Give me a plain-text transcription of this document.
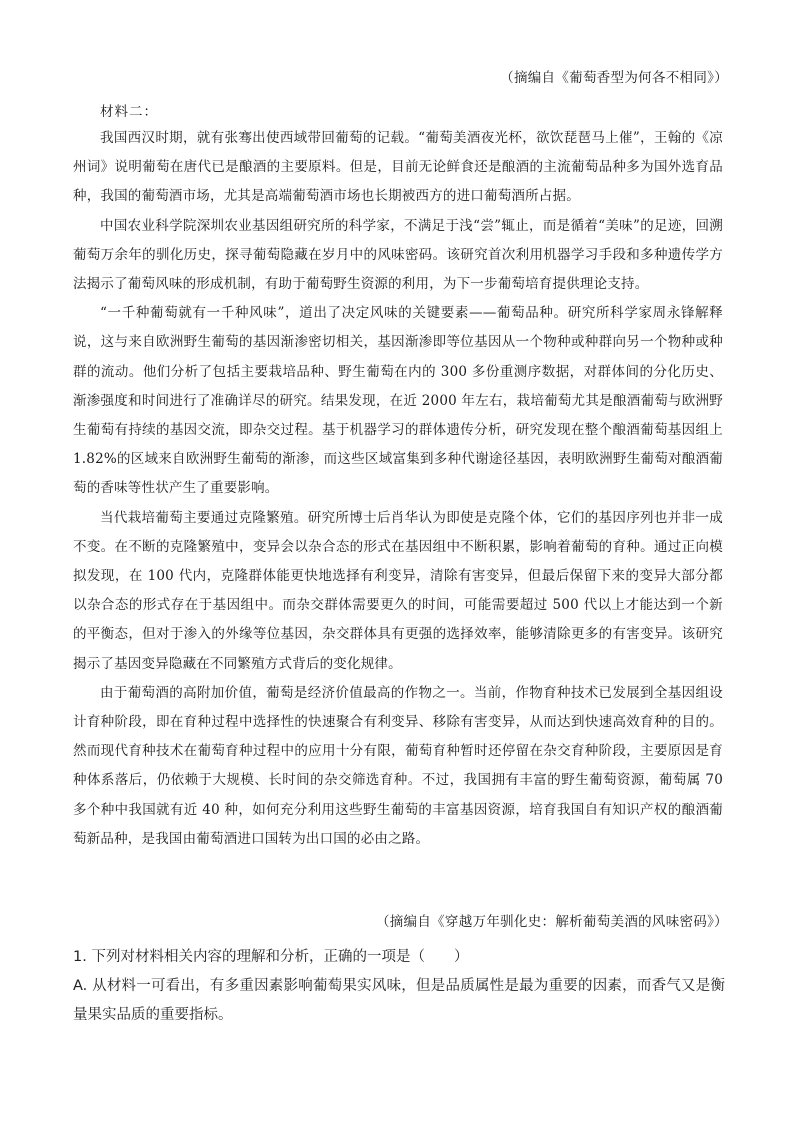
（摘编自《葡萄香型为何各不相同》）
材料二：

我国西汉时期，就有张骞出使西域带回葡萄的记载。“葡萄美酒夜光杯，欲饮琵琶马上催”，王翰的《凉州词》说明葡萄在唐代已是酿酒的主要原料。但是，目前无论鲜食还是酿酒的主流葡萄品种多为国外选育品种，我国的葡萄酒市场，尤其是高端葡萄酒市场也长期被西方的进口葡萄酒所占据。

中国农业科学院深圳农业基因组研究所的科学家，不满足于浅“尝”辄止，而是循着“美味”的足迹，回溯葡萄万余年的驯化历史，探寻葡萄隐藏在岁月中的风味密码。该研究首次利用机器学习手段和多种遗传学方法揭示了葡萄风味的形成机制，有助于葡萄野生资源的利用，为下一步葡萄培育提供理论支持。

“一千种葡萄就有一千种风味”，道出了决定风味的关键要素——葡萄品种。研究所科学家周永锋解释说，这与来自欧洲野生葡萄的基因渐渗密切相关，基因渐渗即等位基因从一个物种或种群向另一个物种或种群的流动。他们分析了包括主要栽培品种、野生葡萄在内的 300 多份重测序数据，对群体间的分化历史、渐渗强度和时间进行了准确详尽的研究。结果发现，在近 2000 年左右，栽培葡萄尤其是酿酒葡萄与欧洲野生葡萄有持续的基因交流，即杂交过程。基于机器学习的群体遗传分析，研究发现在整个酿酒葡萄基因组上 1.82%的区域来自欧洲野生葡萄的渐渗，而这些区域富集到多种代谢途径基因，表明欧洲野生葡萄对酿酒葡萄的香味等性状产生了重要影响。

当代栽培葡萄主要通过克隆繁殖。研究所博士后肖华认为即使是克隆个体，它们的基因序列也并非一成不变。在不断的克隆繁殖中，变异会以杂合态的形式在基因组中不断积累，影响着葡萄的育种。通过正向模拟发现，在 100 代内，克隆群体能更快地选择有利变异，清除有害变异，但最后保留下来的变异大部分都以杂合态的形式存在于基因组中。而杂交群体需要更久的时间，可能需要超过 500 代以上才能达到一个新的平衡态，但对于渗入的外缘等位基因，杂交群体具有更强的选择效率，能够清除更多的有害变异。该研究揭示了基因变异隐藏在不同繁殖方式背后的变化规律。

由于葡萄酒的高附加价值，葡萄是经济价值最高的作物之一。当前，作物育种技术已发展到全基因组设计育种阶段，即在育种过程中选择性的快速聚合有利变异、移除有害变异，从而达到快速高效育种的目的。然而现代育种技术在葡萄育种过程中的应用十分有限，葡萄育种暂时还停留在杂交育种阶段，主要原因是育种体系落后，仍依赖于大规模、长时间的杂交筛选育种。不过，我国拥有丰富的野生葡萄资源，葡萄属 70 多个种中我国就有近 40 种，如何充分利用这些野生葡萄的丰富基因资源，培育我国自有知识产权的酿酒葡萄新品种，是我国由葡萄酒进口国转为出口国的必由之路。

（摘编自《穿越万年驯化史：解析葡萄美酒的风味密码》）

1. 下列对材料相关内容的理解和分析，正确的一项是（　　）

A. 从材料一可看出，有多重因素影响葡萄果实风味，但是品质属性是最为重要的因素，而香气又是衡量果实品质的重要指标。
